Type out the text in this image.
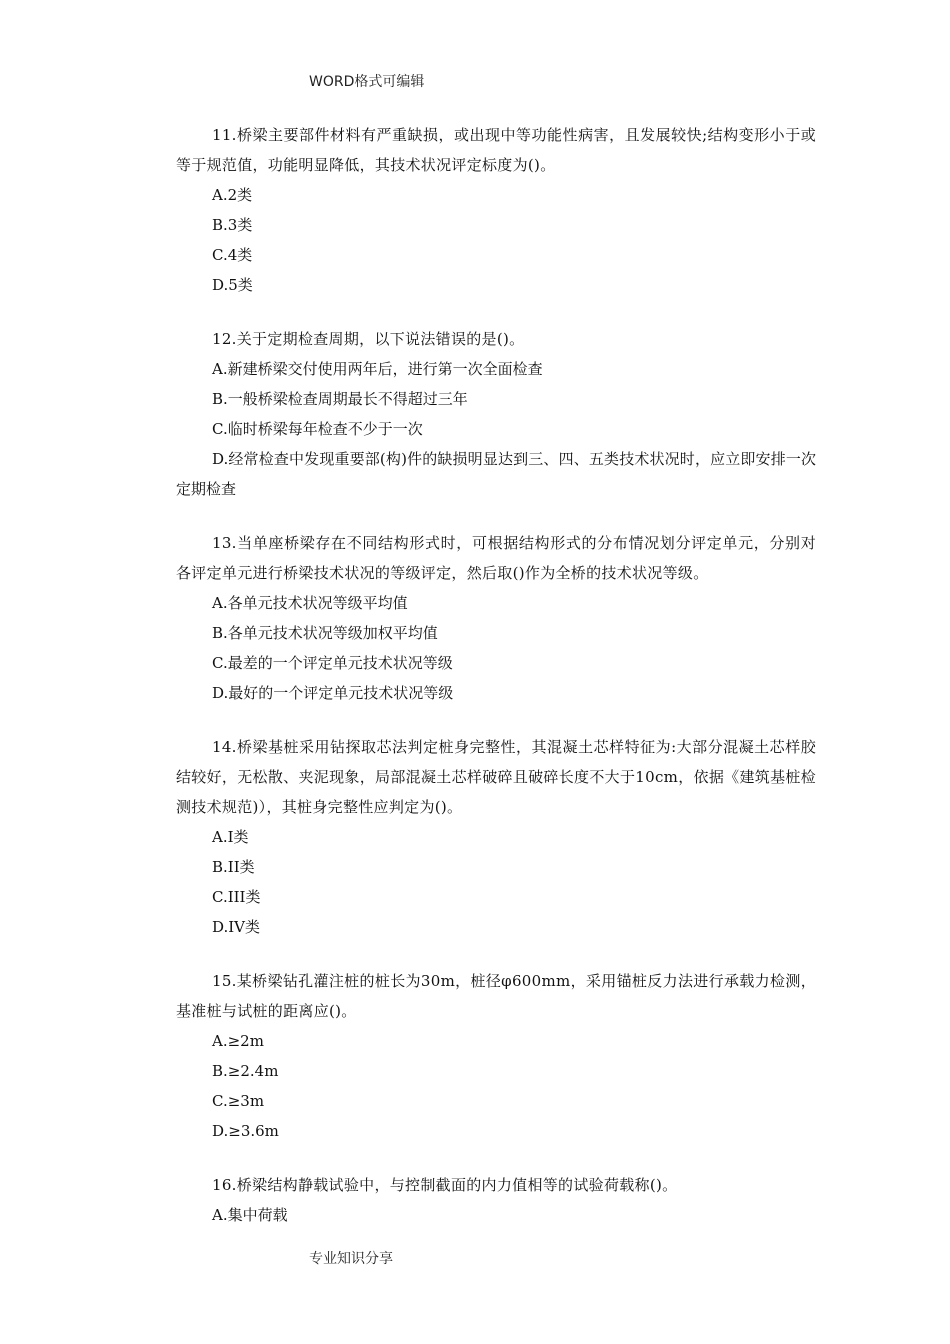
WORD格式可编辑

11.桥梁主要部件材料有严重缺损，或出现中等功能性病害，且发展较快;结构变形小于或等于规范值，功能明显降低，其技术状况评定标度为()。

A.2类

B.3类

C.4类

D.5类

12.关于定期检查周期，以下说法错误的是()。

A.新建桥梁交付使用两年后，进行第一次全面检查

B.一般桥梁检查周期最长不得超过三年

C.临时桥梁每年检查不少于一次

D.经常检查中发现重要部(构)件的缺损明显达到三、四、五类技术状况时，应立即安排一次定期检查

13.当单座桥梁存在不同结构形式时，可根据结构形式的分布情况划分评定单元，分别对各评定单元进行桥梁技术状况的等级评定，然后取()作为全桥的技术状况等级。

A.各单元技术状况等级平均值

B.各单元技术状况等级加权平均值

C.最差的一个评定单元技术状况等级

D.最好的一个评定单元技术状况等级

14.桥梁基桩采用钻探取芯法判定桩身完整性，其混凝土芯样特征为:大部分混凝土芯样胶结较好，无松散、夹泥现象，局部混凝土芯样破碎且破碎长度不大于10cm，依据《建筑基桩检测技术规范)），其桩身完整性应判定为()。

A.I类

B.II类

C.III类

D.IV类

15.某桥梁钻孔灌注桩的桩长为30m，桩径φ600mm，采用锚桩反力法进行承载力检测，基准桩与试桩的距离应()。

A.≥2m

B.≥2.4m

C.≥3m

D.≥3.6m

16.桥梁结构静载试验中，与控制截面的内力值相等的试验荷载称()。

A.集中荷载

专业知识分享
